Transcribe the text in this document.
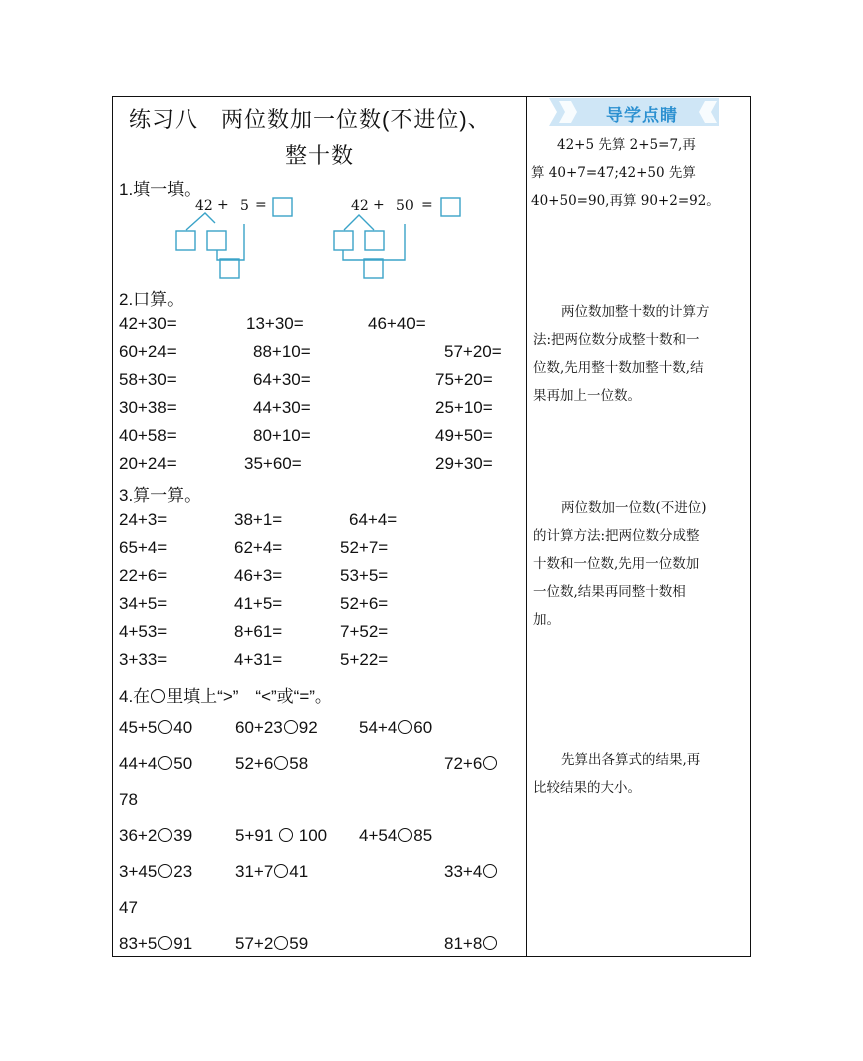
练习八　两位数加一位数(不进位)、
整十数
1.填一填。
42 + 5 =	42 + 50 =
2.口算。
42+30=	13+30=	46+40=
60+24=	88+10=	57+20=
58+30=	64+30=	75+20=
30+38=	44+30=	25+10=
40+58=	80+10=	49+50=
20+24=	35+60=	29+30=
3.算一算。
24+3=	38+1=	64+4=
65+4=	62+4=	52+7=
22+6=	46+3=	53+5=
34+5=	41+5=	52+6=
4+53=	8+61=	7+52=
3+33=	4+31=	5+22=
4.在 里填上“>”　“<”或“=”。
45+5 40	60+23 92 54+4 60
44+4 50	52+6 58	72+6
78
36+2 39	5+91 100 4+54 85
3+45 23	31+7 41	33+4
47
83+5 91	57+2 59	81+8
导学点睛
42+5 先算 2+5=7,再
算 40+7=47;42+50 先算
40+50=90,再算 90+2=92。
两位数加整十数的计算方
法:把两位数分成整十数和一
位数,先用整十数加整十数,结
果再加上一位数。
两位数加一位数(不进位)
的计算方法:把两位数分成整
十数和一位数,先用一位数加
一位数,结果再同整十数相
加。
先算出各算式的结果,再
比较结果的大小。
